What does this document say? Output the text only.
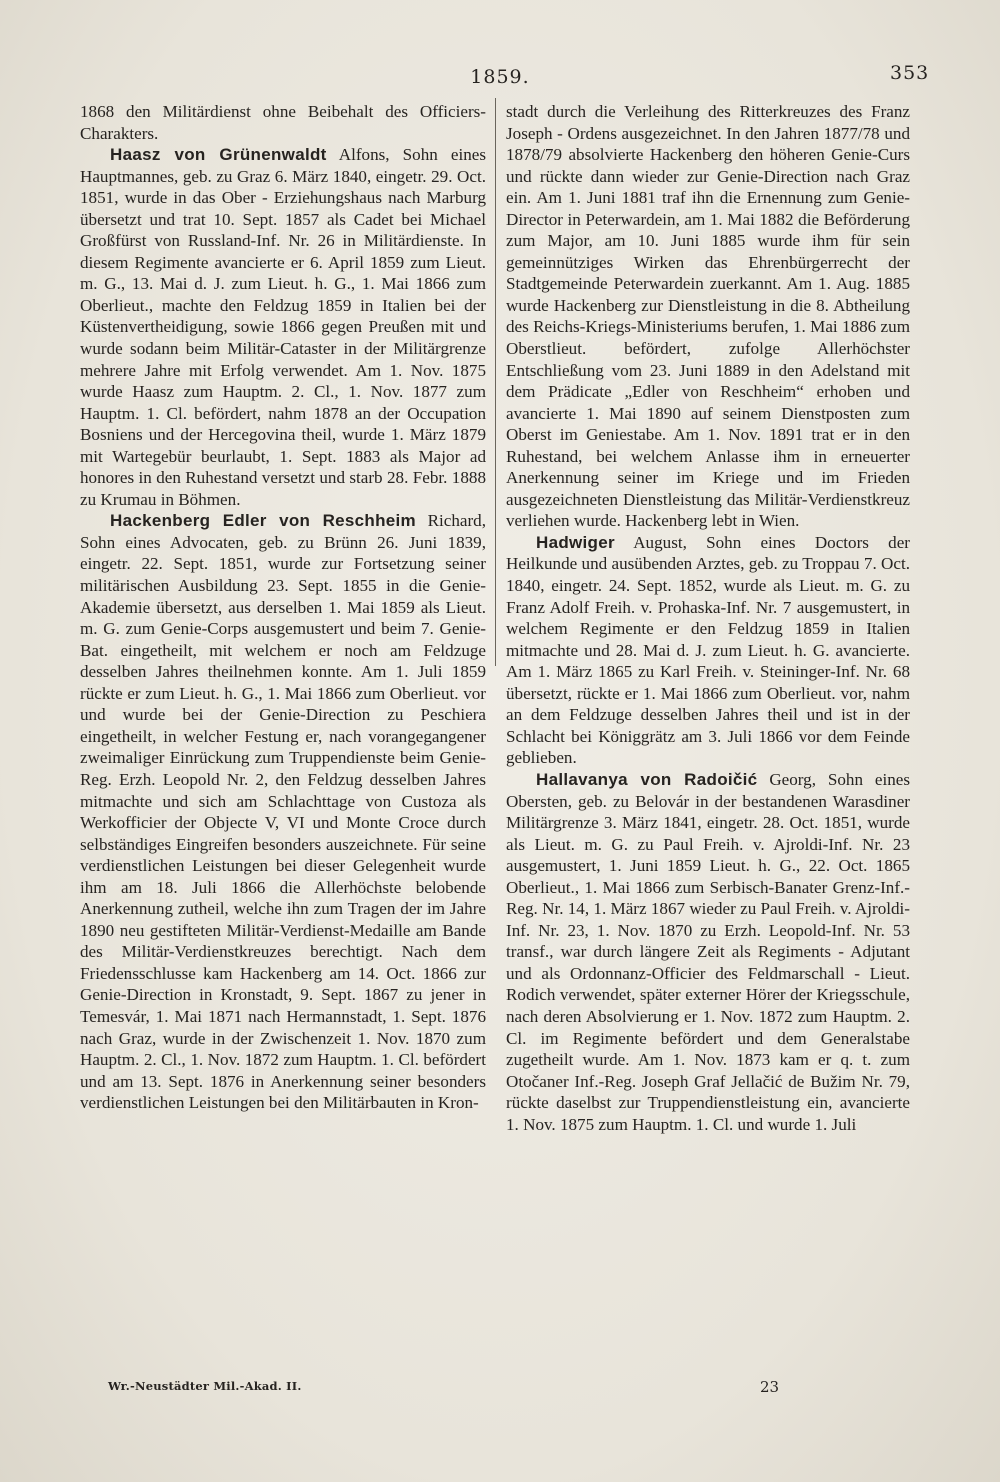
1859.	353

1868 den Militärdienst ohne Beibehalt des Officiers-Charakters.

Haasz von Grünenwaldt Alfons, Sohn eines Hauptmannes, geb. zu Graz 6. März 1840, eingetr. 29. Oct. 1851, wurde in das Ober - Erziehungshaus nach Marburg übersetzt und trat 10. Sept. 1857 als Cadet bei Michael Großfürst von Russland-Inf. Nr. 26 in Militärdienste. In diesem Regimente avancierte er 6. April 1859 zum Lieut. m. G., 13. Mai d. J. zum Lieut. h. G., 1. Mai 1866 zum Oberlieut., machte den Feldzug 1859 in Italien bei der Küstenvertheidigung, sowie 1866 gegen Preußen mit und wurde sodann beim Militär-Cataster in der Militärgrenze mehrere Jahre mit Erfolg verwendet. Am 1. Nov. 1875 wurde Haasz zum Hauptm. 2. Cl., 1. Nov. 1877 zum Hauptm. 1. Cl. befördert, nahm 1878 an der Occupation Bosniens und der Hercegovina theil, wurde 1. März 1879 mit Wartegebür beurlaubt, 1. Sept. 1883 als Major ad honores in den Ruhestand versetzt und starb 28. Febr. 1888 zu Krumau in Böhmen.

Hackenberg Edler von Reschheim Richard, Sohn eines Advocaten, geb. zu Brünn 26. Juni 1839, eingetr. 22. Sept. 1851, wurde zur Fortsetzung seiner militärischen Ausbildung 23. Sept. 1855 in die Genie-Akademie übersetzt, aus derselben 1. Mai 1859 als Lieut. m. G. zum Genie-Corps ausgemustert und beim 7. Genie-Bat. eingetheilt, mit welchem er noch am Feldzuge desselben Jahres theilnehmen konnte. Am 1. Juli 1859 rückte er zum Lieut. h. G., 1. Mai 1866 zum Oberlieut. vor und wurde bei der Genie-Direction zu Peschiera eingetheilt, in welcher Festung er, nach vorangegangener zweimaliger Einrückung zum Truppendienste beim Genie-Reg. Erzh. Leopold Nr. 2, den Feldzug desselben Jahres mitmachte und sich am Schlachttage von Custoza als Werkofficier der Objecte V, VI und Monte Croce durch selbständiges Eingreifen besonders auszeichnete. Für seine verdienstlichen Leistungen bei dieser Gelegenheit wurde ihm am 18. Juli 1866 die Allerhöchste belobende Anerkennung zutheil, welche ihn zum Tragen der im Jahre 1890 neu gestifteten Militär-Verdienst-Medaille am Bande des Militär-Verdienstkreuzes berechtigt. Nach dem Friedensschlusse kam Hackenberg am 14. Oct. 1866 zur Genie-Direction in Kronstadt, 9. Sept. 1867 zu jener in Temesvár, 1. Mai 1871 nach Hermannstadt, 1. Sept. 1876 nach Graz, wurde in der Zwischenzeit 1. Nov. 1870 zum Hauptm. 2. Cl., 1. Nov. 1872 zum Hauptm. 1. Cl. befördert und am 13. Sept. 1876 in Anerkennung seiner besonders verdienstlichen Leistungen bei den Militärbauten in Kron-

stadt durch die Verleihung des Ritterkreuzes des Franz Joseph - Ordens ausgezeichnet. In den Jahren 1877/78 und 1878/79 absolvierte Hackenberg den höheren Genie-Curs und rückte dann wieder zur Genie-Direction nach Graz ein. Am 1. Juni 1881 traf ihn die Ernennung zum Genie-Director in Peterwardein, am 1. Mai 1882 die Beförderung zum Major, am 10. Juni 1885 wurde ihm für sein gemeinnütziges Wirken das Ehrenbürgerrecht der Stadtgemeinde Peterwardein zuerkannt. Am 1. Aug. 1885 wurde Hackenberg zur Dienstleistung in die 8. Abtheilung des Reichs-Kriegs-Ministeriums berufen, 1. Mai 1886 zum Oberstlieut. befördert, zufolge Allerhöchster Entschließung vom 23. Juni 1889 in den Adelstand mit dem Prädicate „Edler von Reschheim“ erhoben und avancierte 1. Mai 1890 auf seinem Dienstposten zum Oberst im Geniestabe. Am 1. Nov. 1891 trat er in den Ruhestand, bei welchem Anlasse ihm in erneuerter Anerkennung seiner im Kriege und im Frieden ausgezeichneten Dienstleistung das Militär-Verdienstkreuz verliehen wurde. Hackenberg lebt in Wien.

Hadwiger August, Sohn eines Doctors der Heilkunde und ausübenden Arztes, geb. zu Troppau 7. Oct. 1840, eingetr. 24. Sept. 1852, wurde als Lieut. m. G. zu Franz Adolf Freih. v. Prohaska-Inf. Nr. 7 ausgemustert, in welchem Regimente er den Feldzug 1859 in Italien mitmachte und 28. Mai d. J. zum Lieut. h. G. avancierte. Am 1. März 1865 zu Karl Freih. v. Steininger-Inf. Nr. 68 übersetzt, rückte er 1. Mai 1866 zum Oberlieut. vor, nahm an dem Feldzuge desselben Jahres theil und ist in der Schlacht bei Königgrätz am 3. Juli 1866 vor dem Feinde geblieben.

Hallavanya von Radoičić Georg, Sohn eines Obersten, geb. zu Belovár in der bestandenen Warasdiner Militärgrenze 3. März 1841, eingetr. 28. Oct. 1851, wurde als Lieut. m. G. zu Paul Freih. v. Ajroldi-Inf. Nr. 23 ausgemustert, 1. Juni 1859 Lieut. h. G., 22. Oct. 1865 Oberlieut., 1. Mai 1866 zum Serbisch-Banater Grenz-Inf.-Reg. Nr. 14, 1. März 1867 wieder zu Paul Freih. v. Ajroldi-Inf. Nr. 23, 1. Nov. 1870 zu Erzh. Leopold-Inf. Nr. 53 transf., war durch längere Zeit als Regiments - Adjutant und als Ordonnanz-Officier des Feldmarschall - Lieut. Rodich verwendet, später externer Hörer der Kriegsschule, nach deren Absolvierung er 1. Nov. 1872 zum Hauptm. 2. Cl. im Regimente befördert und dem Generalstabe zugetheilt wurde. Am 1. Nov. 1873 kam er q. t. zum Otočaner Inf.-Reg. Joseph Graf Jellačić de Bužim Nr. 79, rückte daselbst zur Truppendienstleistung ein, avancierte 1. Nov. 1875 zum Hauptm. 1. Cl. und wurde 1. Juli

Wr.-Neustädter Mil.-Akad. II.	23
